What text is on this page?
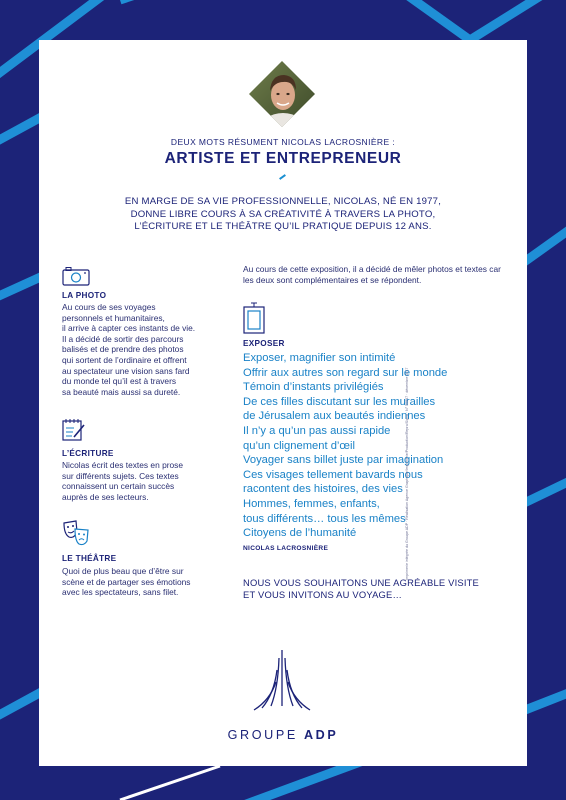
DEUX MOTS RÉSUMENT NICOLAS LACROSNIÈRE :
ARTISTE ET ENTREPRENEUR
EN MARGE DE SA VIE PROFESSIONNELLE, NICOLAS, NÉ EN 1977,
DONNE LIBRE COURS À SA CRÉATIVITÉ À TRAVERS LA PHOTO,
L’ÉCRITURE ET LE THÉÂTRE QU’IL PRATIQUE DEPUIS 12 ANS.
LA PHOTO
Au cours de ses voyages
personnels et humanitaires,
il arrive à capter ces instants de vie.
Il a décidé de sortir des parcours
balisés et de prendre des photos
qui sortent de l’ordinaire et offrent
au spectateur une vision sans fard
du monde tel qu’il est à travers
sa beauté mais aussi sa dureté.
L’ÉCRITURE
Nicolas écrit des textes en prose
sur différents sujets. Ces textes
connaissent un certain succès
auprès de ses lecteurs.
LE THÉÂTRE
Quoi de plus beau que d’être sur
scène et de partager ses émotions
avec les spectateurs, sans filet.
Au cours de cette exposition, il a décidé de mêler photos et textes car les deux sont complémentaires et se répondent.
EXPOSER
Exposer, magnifier son intimité
Offrir aux autres son regard sur le monde
Témoin d’instants privilégiés
De ces filles discutant sur les murailles
de Jérusalem aux beautés indiennes
Il n’y a qu’un pas aussi rapide
qu’un clignement d’œil
Voyager sans billet juste par imagination
Ces visages tellement bavards nous
racontent des histoires, des vies
Hommes, femmes, enfants,
tous différents… tous les mêmes
Citoyens de l’humanité
NICOLAS LACROSNIÈRE
NOUS VOUS SOUHAITONS UNE AGRÉABLE VISITE
ET VOUS INVITONS AU VOYAGE…
Imprimerie intégrée du Groupe ADP · Réalisation Agence Graphique/Imprimerie/Production/Repro/Signa · N° 50837 · décembre 2017
GROUPE ADP
